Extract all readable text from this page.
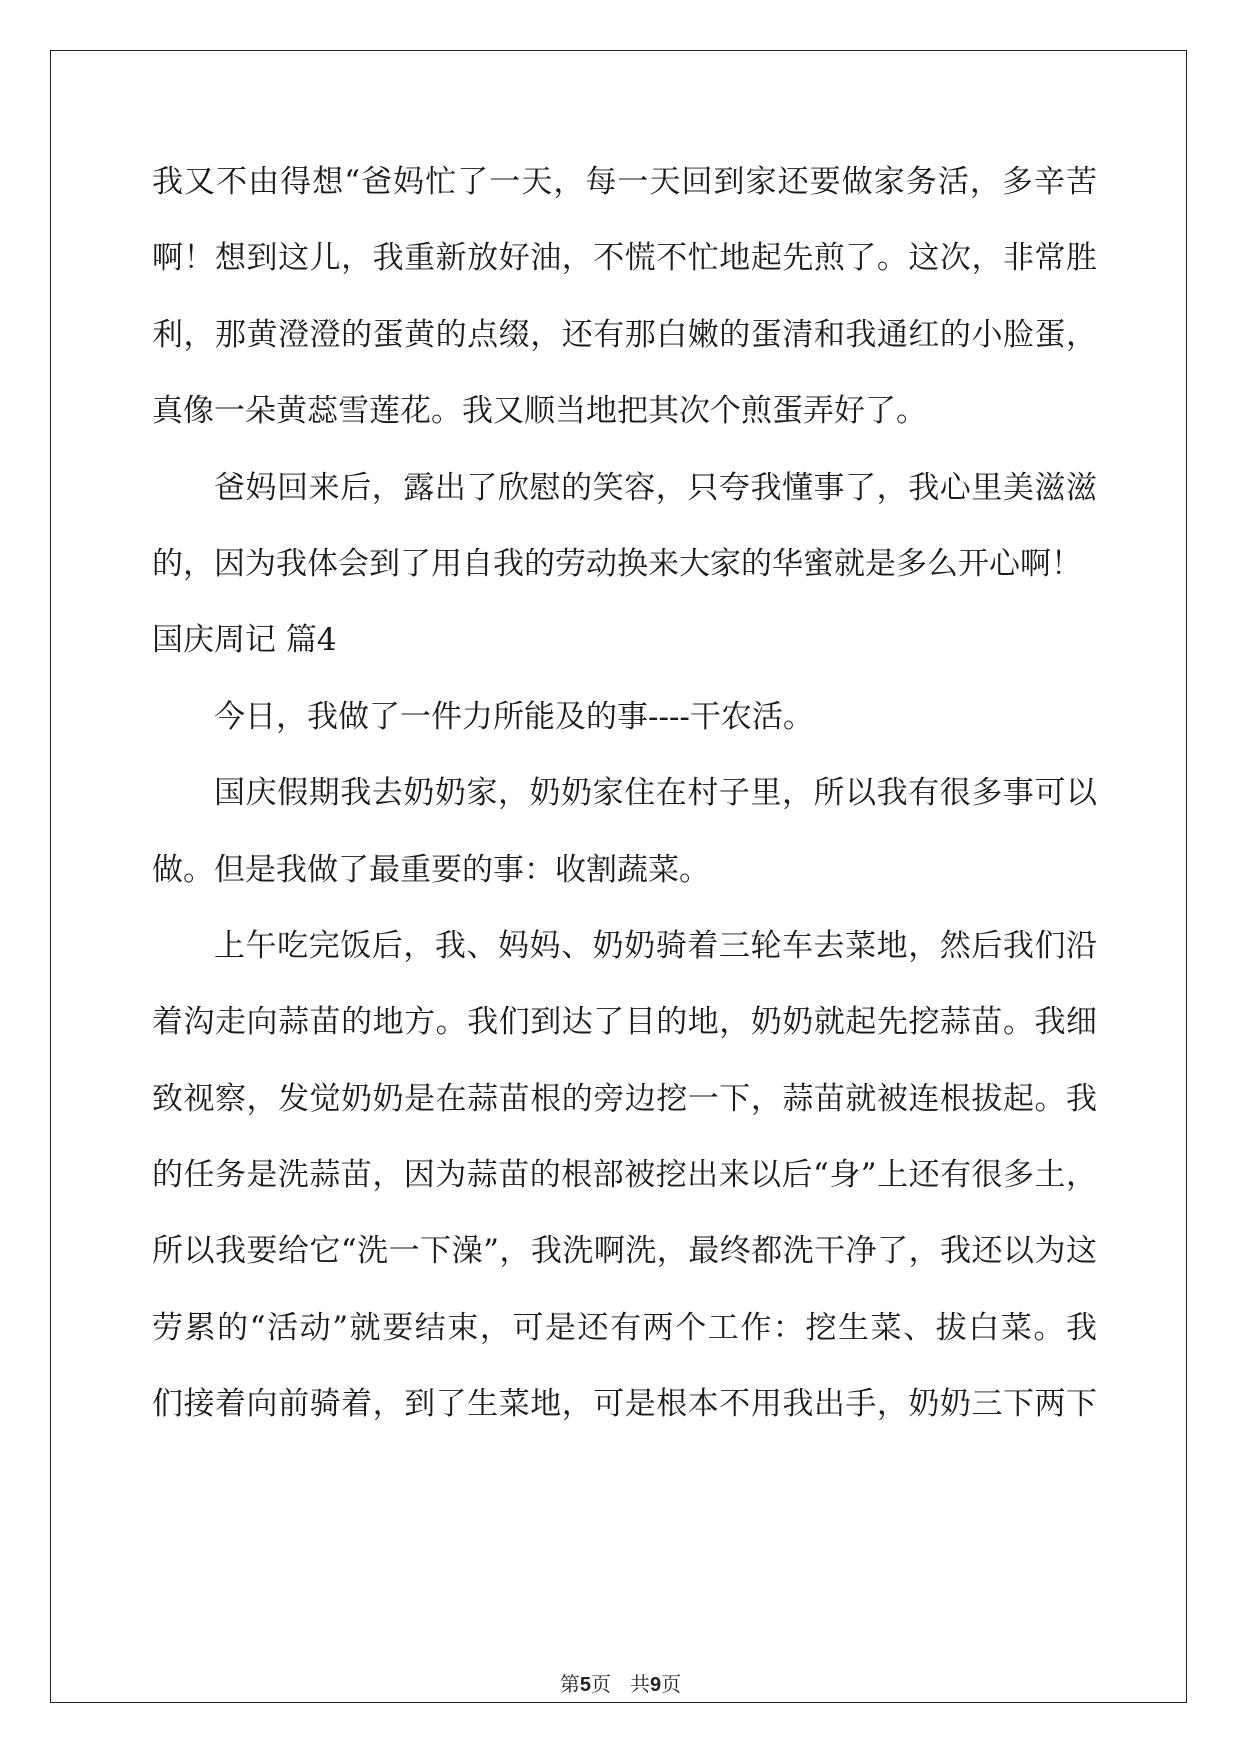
我又不由得想“爸妈忙了一天，每一天回到家还要做家务活，多辛苦
啊！想到这儿，我重新放好油，不慌不忙地起先煎了。这次，非常胜
利，那黄澄澄的蛋黄的点缀，还有那白嫩的蛋清和我通红的小脸蛋，
真像一朵黄蕊雪莲花。我又顺当地把其次个煎蛋弄好了。
爸妈回来后，露出了欣慰的笑容，只夸我懂事了，我心里美滋滋
的，因为我体会到了用自我的劳动换来大家的华蜜就是多么开心啊！
国庆周记 篇4
今日，我做了一件力所能及的事----干农活。
国庆假期我去奶奶家，奶奶家住在村子里，所以我有很多事可以
做。但是我做了最重要的事：收割蔬菜。
上午吃完饭后，我、妈妈、奶奶骑着三轮车去菜地，然后我们沿
着沟走向蒜苗的地方。我们到达了目的地，奶奶就起先挖蒜苗。我细
致视察，发觉奶奶是在蒜苗根的旁边挖一下，蒜苗就被连根拔起。我
的任务是洗蒜苗，因为蒜苗的根部被挖出来以后“身”上还有很多土，
所以我要给它“洗一下澡”，我洗啊洗，最终都洗干净了，我还以为这
劳累的“活动”就要结束，可是还有两个工作：挖生菜、拔白菜。我
们接着向前骑着，到了生菜地，可是根本不用我出手，奶奶三下两下
第5页 共9页
